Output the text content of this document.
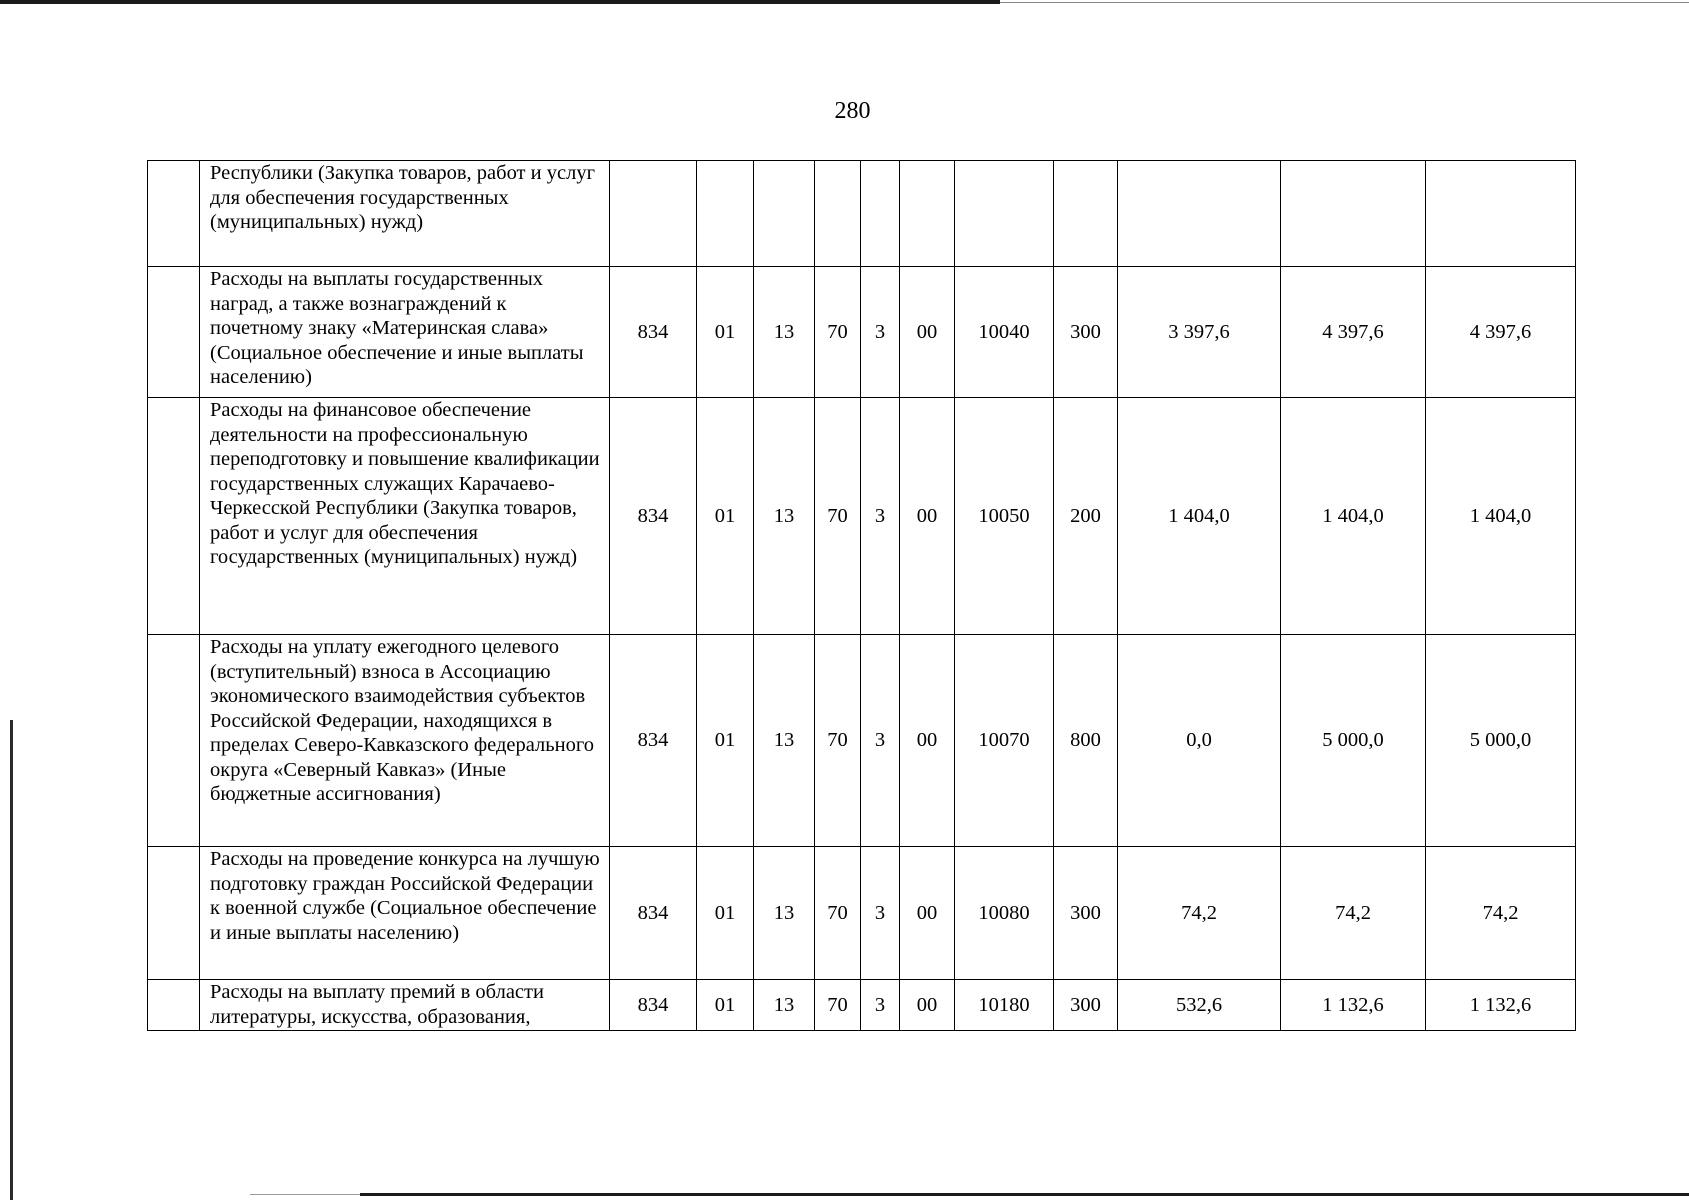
280

	Республики (Закупка товаров, работ и услуг для обеспечения государственных (муниципальных) нужд)											

	Расходы на выплаты государственных наград, а также вознаграждений к почетному знаку «Материнская слава» (Социальное обеспечение и иные выплаты населению)	834	01	13	70	3	00	10040	300	3 397,6	4 397,6	4 397,6

	Расходы на финансовое обеспечение деятельности на профессиональную переподготовку и повышение квалификации государственных служащих Карачаево-Черкесской Республики (Закупка товаров, работ и услуг для обеспечения государственных (муниципальных) нужд)	834	01	13	70	3	00	10050	200	1 404,0	1 404,0	1 404,0

	Расходы на уплату ежегодного целевого (вступительный) взноса в Ассоциацию экономического взаимодействия субъектов Российской Федерации, находящихся в пределах Северо-Кавказского федерального округа «Северный Кавказ» (Иные бюджетные ассигнования)	834	01	13	70	3	00	10070	800	0,0	5 000,0	5 000,0

	Расходы на проведение конкурса на лучшую подготовку граждан Российской Федерации к военной службе (Социальное обеспечение и иные выплаты населению)	834	01	13	70	3	00	10080	300	74,2	74,2	74,2

	Расходы на выплату премий в области литературы, искусства, образования,	834	01	13	70	3	00	10180	300	532,6	1 132,6	1 132,6
